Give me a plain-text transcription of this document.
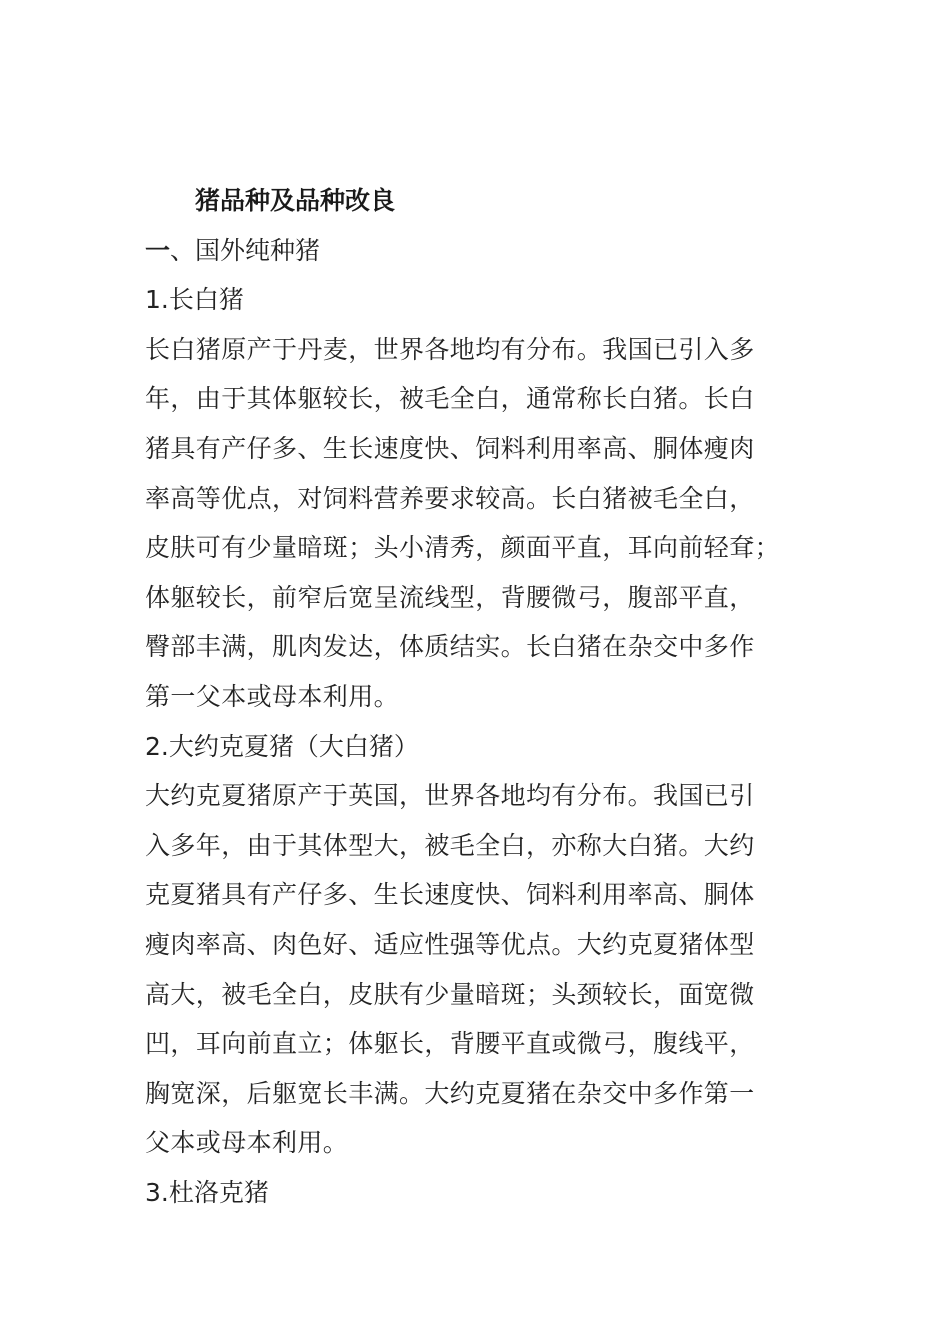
猪品种及品种改良
一、国外纯种猪
1.长白猪
长白猪原产于丹麦，世界各地均有分布。我国已引入多
年，由于其体躯较长，被毛全白，通常称长白猪。长白
猪具有产仔多、生长速度快、饲料利用率高、胴体瘦肉
率高等优点，对饲料营养要求较高。长白猪被毛全白，
皮肤可有少量暗斑；头小清秀，颜面平直，耳向前轻耷；
体躯较长，前窄后宽呈流线型，背腰微弓，腹部平直，
臀部丰满，肌肉发达，体质结实。长白猪在杂交中多作
第一父本或母本利用。
2.大约克夏猪（大白猪）
大约克夏猪原产于英国，世界各地均有分布。我国已引
入多年，由于其体型大，被毛全白，亦称大白猪。大约
克夏猪具有产仔多、生长速度快、饲料利用率高、胴体
瘦肉率高、肉色好、适应性强等优点。大约克夏猪体型
高大，被毛全白，皮肤有少量暗斑；头颈较长，面宽微
凹，耳向前直立；体躯长，背腰平直或微弓，腹线平，
胸宽深，后躯宽长丰满。大约克夏猪在杂交中多作第一
父本或母本利用。
3.杜洛克猪
